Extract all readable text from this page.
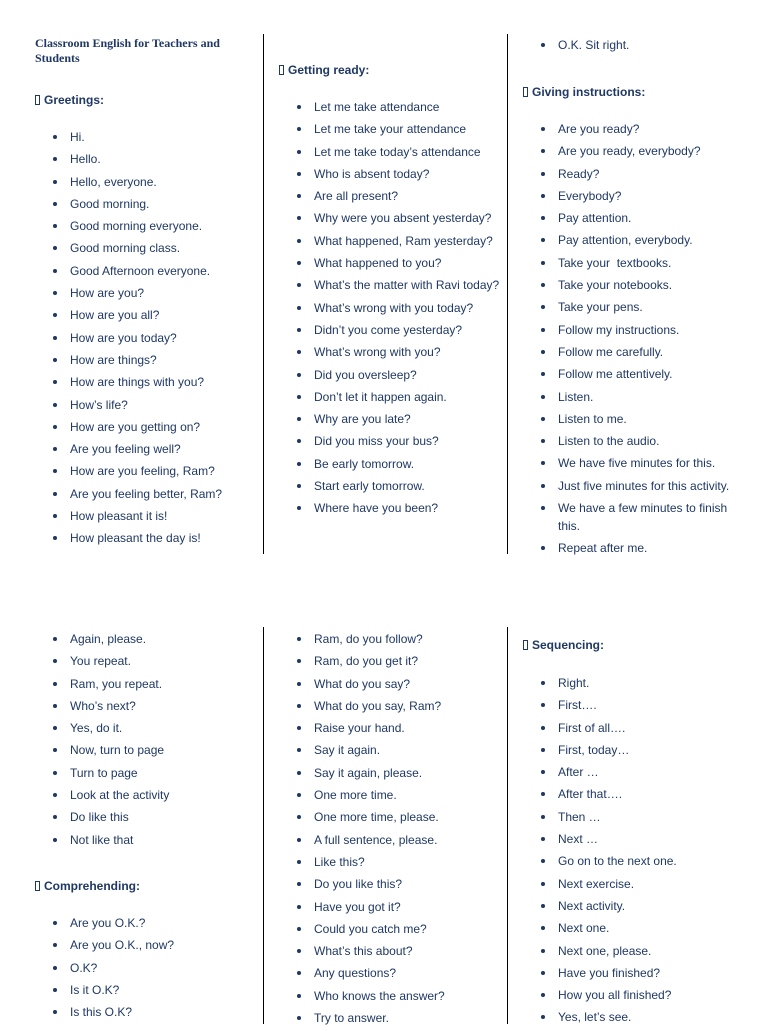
Classroom English for Teachers and Students
Greetings:
Hi.
Hello.
Hello, everyone.
Good morning.
Good morning everyone.
Good morning class.
Good Afternoon everyone.
How are you?
How are you all?
How are you today?
How are things?
How are things with you?
How’s life?
How are you getting on?
Are you feeling well?
How are you feeling, Ram?
Are you feeling better, Ram?
How pleasant it is!
How pleasant the day is!
Getting ready:
Let me take attendance
Let me take your attendance
Let me take today’s attendance
Who is absent today?
Are all present?
Why were you absent yesterday?
What happened, Ram yesterday?
What happened to you?
What’s the matter with Ravi today?
What’s wrong with you today?
Didn’t you come yesterday?
What’s wrong with you?
Did you oversleep?
Don’t let it happen again.
Why are you late?
Did you miss your bus?
Be early tomorrow.
Start early tomorrow.
Where have you been?
O.K. Sit right.
Giving instructions:
Are you ready?
Are you ready, everybody?
Ready?
Everybody?
Pay attention.
Pay attention, everybody.
Take your  textbooks.
Take your notebooks.
Take your pens.
Follow my instructions.
Follow me carefully.
Follow me attentively.
Listen.
Listen to me.
Listen to the audio.
We have five minutes for this.
Just five minutes for this activity.
We have a few minutes to finish this.
Repeat after me.
Again, please.
You repeat.
Ram, you repeat.
Who’s next?
Yes, do it.
Now, turn to page
Turn to page
Look at the activity
Do like this
Not like that
Comprehending:
Are you O.K.?
Are you O.K., now?
O.K?
Is it O.K?
Is this O.K?
Ram, do you follow?
Ram, do you get it?
What do you say?
What do you say, Ram?
Raise your hand.
Say it again.
Say it again, please.
One more time.
One more time, please.
A full sentence, please.
Like this?
Do you like this?
Have you got it?
Could you catch me?
What’s this about?
Any questions?
Who knows the answer?
Try to answer.
Sequencing:
Right.
First….
First of all….
First, today…
After …
After that….
Then …
Next …
Go on to the next one.
Next exercise.
Next activity.
Next one.
Next one, please.
Have you finished?
How you all finished?
Yes, let’s see.
